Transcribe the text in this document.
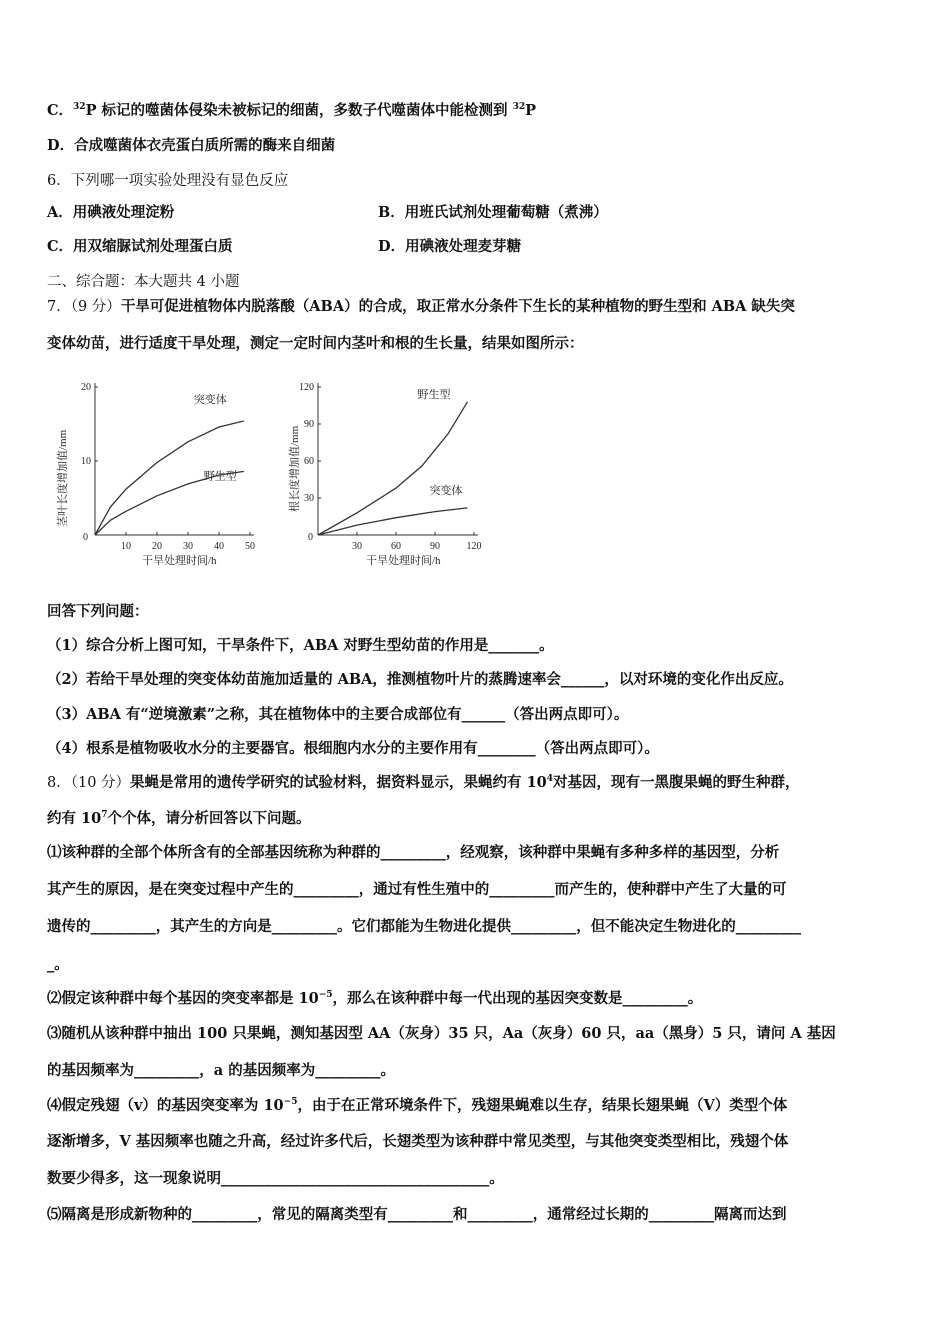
C．$^{32}$P 标记的噬菌体侵染未被标记的细菌，多数子代噬菌体中能检测到 $^{32}$P
D．合成噬菌体衣壳蛋白质所需的酶来自细菌
6．下列哪一项实验处理没有显色反应
A．用碘液处理淀粉	B．用班氏试剂处理葡萄糖（煮沸）
C．用双缩脲试剂处理蛋白质	D．用碘液处理麦芽糖
二、综合题：本大题共 4 小题
7．（9 分）干旱可促进植物体内脱落酸（ABA）的合成，取正常水分条件下生长的某种植物的野生型和 ABA 缺失突
变体幼苗，进行适度干旱处理，测定一定时间内茎叶和根的生长量，结果如图所示：
茎叶长度增加值/mm
干旱处理时间/h
0
10 20 30 40 50
10
20
突变体
野生型	根长度增加值/mm
干旱处理时间/h
0
30	60	90	120
30
60
90
120
野生型
突变体
回答下列问题：
（1）综合分析上图可知，干旱条件下，ABA 对野生型幼苗的作用是_______。
（2）若给干旱处理的突变体幼苗施加适量的 ABA，推测植物叶片的蒸腾速率会______，以对环境的变化作出反应。
（3）ABA 有“逆境激素”之称，其在植物体中的主要合成部位有______（答出两点即可）。
（4）根系是植物吸收水分的主要器官。根细胞内水分的主要作用有________（答出两点即可）。
8．（10 分）果蝇是常用的遗传学研究的试验材料，据资料显示，果蝇约有 $10^4$对基因，现有一黑腹果蝇的野生种群，
约有 $10^7$个个体，请分析回答以下问题。
⑴该种群的全部个体所含有的全部基因统称为种群的_________，经观察，该种群中果蝇有多种多样的基因型，分析
其产生的原因，是在突变过程中产生的_________，通过有性生殖中的_________而产生的，使种群中产生了大量的可
遗传的_________，其产生的方向是_________。它们都能为生物进化提供_________，但不能决定生物进化的_________
_。
⑵假定该种群中每个基因的突变率都是 $10^{-5}$，那么在该种群中每一代出现的基因突变数是_________。
⑶随机从该种群中抽出 100 只果蝇，测知基因型 AA（灰身）35 只，Aa（灰身）60 只，aa（黑身）5 只，请问 A 基因
的基因频率为_________，a 的基因频率为_________。
⑷假定残翅（v）的基因突变率为 $10^{-5}$，由于在正常环境条件下，残翅果蝇难以生存，结果长翅果蝇（V）类型个体
逐渐增多，V 基因频率也随之升高，经过许多代后，长翅类型为该种群中常见类型，与其他突变类型相比，残翅个体
数要少得多，这一现象说明_____________________________________。
⑸隔离是形成新物种的_________，常见的隔离类型有_________和_________，通常经过长期的_________隔离而达到
